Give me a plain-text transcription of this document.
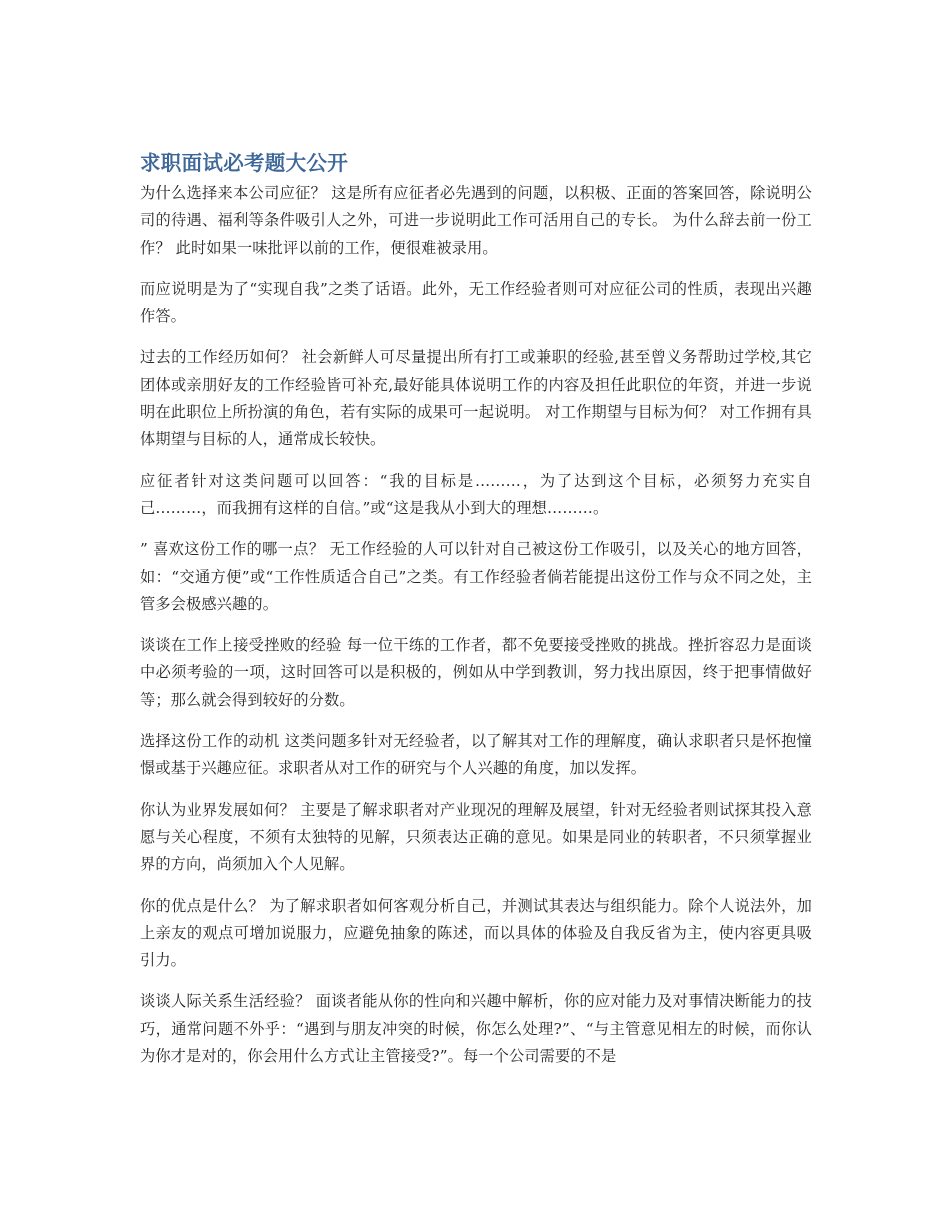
求职面试必考题大公开

为什么选择来本公司应征？ 这是所有应征者必先遇到的问题，以积极、正面的答案回答，除说明公司的待遇、福利等条件吸引人之外，可进一步说明此工作可活用自己的专长。 为什么辞去前一份工作？ 此时如果一味批评以前的工作，便很难被录用。

而应说明是为了“实现自我”之类了话语。此外，无工作经验者则可对应征公司的性质，表现出兴趣作答。

过去的工作经历如何？ 社会新鲜人可尽量提出所有打工或兼职的经验,甚至曾义务帮助过学校,其它团体或亲朋好友的工作经验皆可补充,最好能具体说明工作的内容及担任此职位的年资，并进一步说明在此职位上所扮演的角色，若有实际的成果可一起说明。 对工作期望与目标为何？ 对工作拥有具体期望与目标的人，通常成长较快。

应征者针对这类问题可以回答：“我的目标是………，为了达到这个目标，必须努力充实自己………，而我拥有这样的自信。”或“这是我从小到大的理想………。

” 喜欢这份工作的哪一点？ 无工作经验的人可以针对自己被这份工作吸引，以及关心的地方回答，如：“交通方便”或“工作性质适合自己”之类。有工作经验者倘若能提出这份工作与众不同之处，主管多会极感兴趣的。

谈谈在工作上接受挫败的经验 每一位干练的工作者，都不免要接受挫败的挑战。挫折容忍力是面谈中必须考验的一项，这时回答可以是积极的，例如从中学到教训，努力找出原因，终于把事情做好等；那么就会得到较好的分数。

选择这份工作的动机 这类问题多针对无经验者，以了解其对工作的理解度，确认求职者只是怀抱憧憬或基于兴趣应征。求职者从对工作的研究与个人兴趣的角度，加以发挥。

你认为业界发展如何？ 主要是了解求职者对产业现况的理解及展望，针对无经验者则试探其投入意愿与关心程度，不须有太独特的见解，只须表达正确的意见。如果是同业的转职者，不只须掌握业界的方向，尚须加入个人见解。

你的优点是什么？ 为了解求职者如何客观分析自己，并测试其表达与组织能力。除个人说法外，加上亲友的观点可增加说服力，应避免抽象的陈述，而以具体的体验及自我反省为主，使内容更具吸引力。

谈谈人际关系生活经验？ 面谈者能从你的性向和兴趣中解析，你的应对能力及对事情决断能力的技巧，通常问题不外乎：“遇到与朋友冲突的时候，你怎么处理?”、“与主管意见相左的时候，而你认为你才是对的，你会用什么方式让主管接受?”。每一个公司需要的不是
